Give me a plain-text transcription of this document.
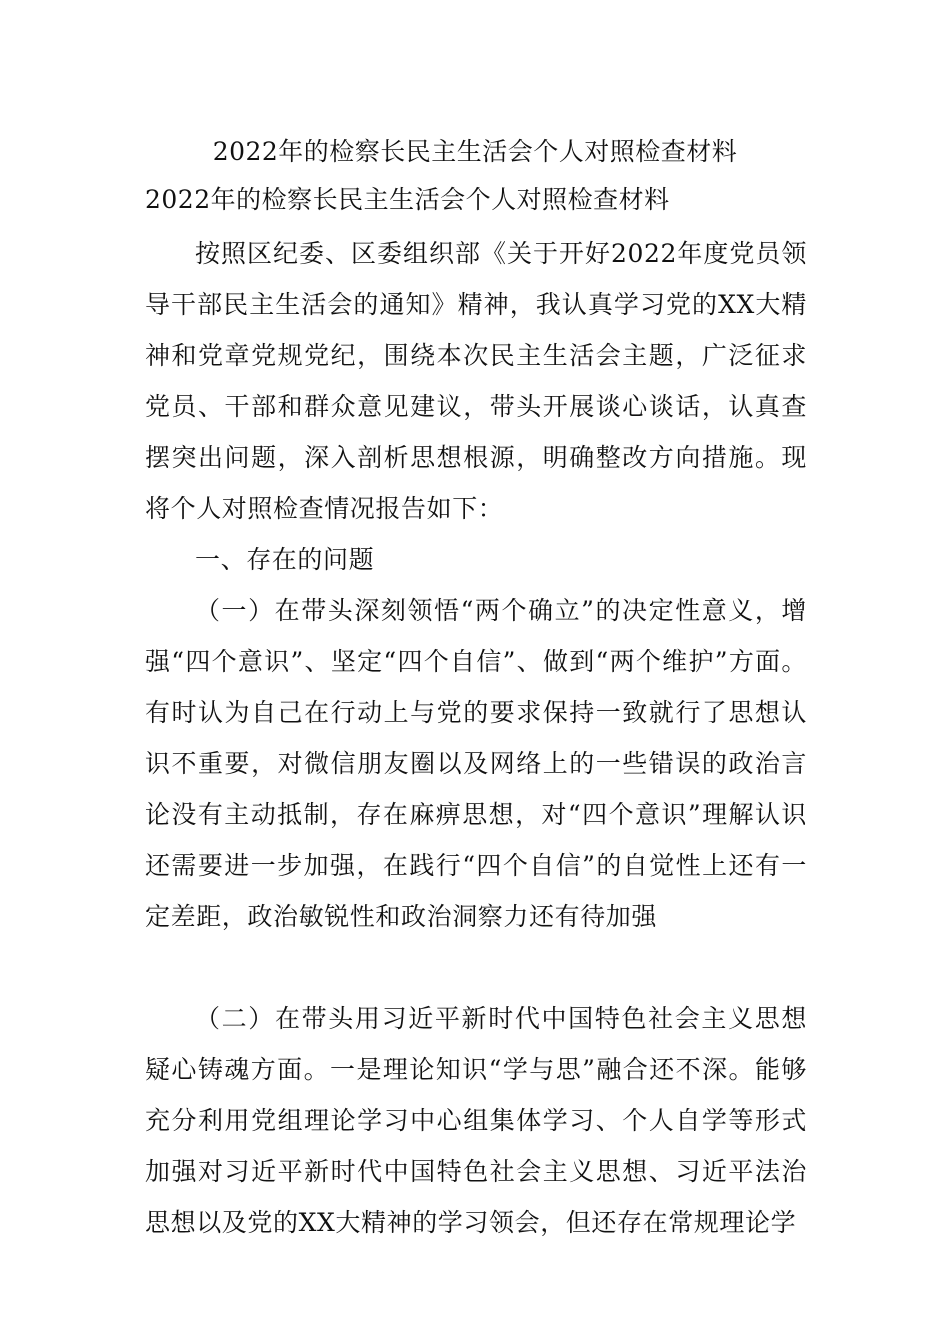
2022年的检察长民主生活会个人对照检查材料
2022年的检察长民主生活会个人对照检查材料

按照区纪委、区委组织部《关于开好2022年度党员领导干部民主生活会的通知》精神，我认真学习党的XX大精神和党章党规党纪，围绕本次民主生活会主题，广泛征求党员、干部和群众意见建议，带头开展谈心谈话，认真查摆突出问题，深入剖析思想根源，明确整改方向措施。现将个人对照检查情况报告如下：

一、存在的问题

（一）在带头深刻领悟“两个确立”的决定性意义，增强“四个意识”、坚定“四个自信”、做到“两个维护”方面。有时认为自己在行动上与党的要求保持一致就行了思想认识不重要，对微信朋友圈以及网络上的一些错误的政治言论没有主动抵制，存在麻痹思想，对“四个意识”理解认识还需要进一步加强，在践行“四个自信”的自觉性上还有一定差距，政治敏锐性和政治洞察力还有待加强

（二）在带头用习近平新时代中国特色社会主义思想疑心铸魂方面。一是理论知识“学与思”融合还不深。能够充分利用党组理论学习中心组集体学习、个人自学等形式加强对习近平新时代中国特色社会主义思想、习近平法治思想以及党的XX大精神的学习领会，但还存在常规理论学
